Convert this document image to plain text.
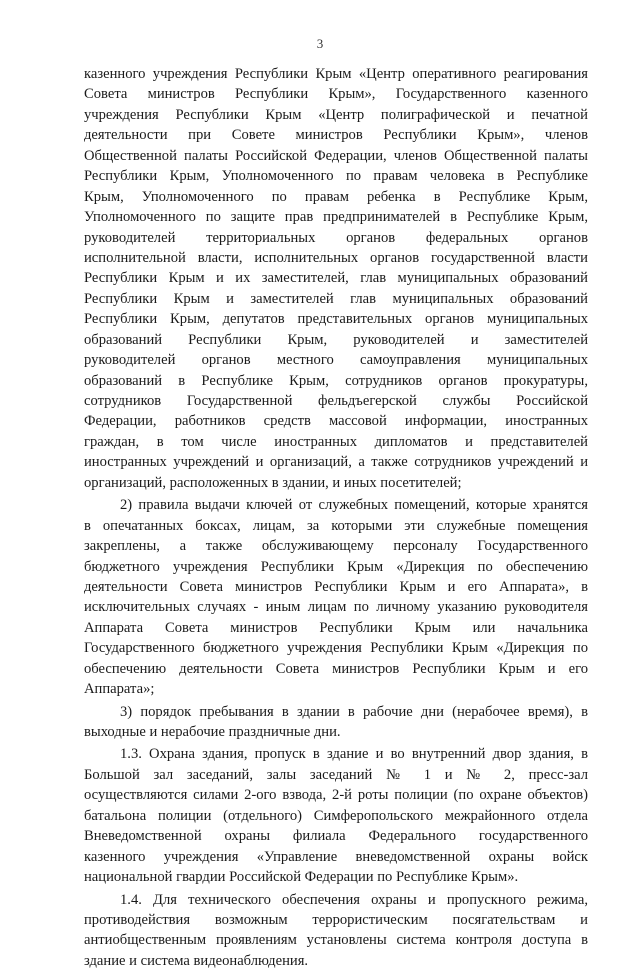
3
казенного учреждения Республики Крым «Центр оперативного реагирования
Совета министров Республики Крым», Государственного казенного
учреждения Республики Крым «Центр полиграфической и печатной
деятельности при Совете министров Республики Крым», членов
Общественной палаты Российской Федерации, членов Общественной палаты
Республики Крым, Уполномоченного по правам человека в Республике
Крым, Уполномоченного по правам ребенка в Республике Крым,
Уполномоченного по защите прав предпринимателей в Республике Крым,
руководителей территориальных органов федеральных органов
исполнительной власти, исполнительных органов государственной власти
Республики Крым и их заместителей, глав муниципальных образований
Республики Крым и заместителей глав муниципальных образований
Республики Крым, депутатов представительных органов муниципальных
образований Республики Крым, руководителей и заместителей
руководителей органов местного самоуправления муниципальных
образований в Республике Крым, сотрудников органов прокуратуры,
сотрудников Государственной фельдъегерской службы Российской
Федерации, работников средств массовой информации, иностранных
граждан, в том числе иностранных дипломатов и представителей
иностранных учреждений и организаций, а также сотрудников учреждений и
организаций, расположенных в здании, и иных посетителей;
2) правила выдачи ключей от служебных помещений, которые хранятся
в опечатанных боксах, лицам, за которыми эти служебные помещения
закреплены, а также обслуживающему персоналу Государственного
бюджетного учреждения Республики Крым «Дирекция по обеспечению
деятельности Совета министров Республики Крым и его Аппарата», в
исключительных случаях - иным лицам по личному указанию руководителя
Аппарата Совета министров Республики Крым или начальника
Государственного бюджетного учреждения Республики Крым «Дирекция по
обеспечению деятельности Совета министров Республики Крым и его
Аппарата»;
3) порядок пребывания в здании в рабочие дни (нерабочее время), в
выходные и нерабочие праздничные дни.
1.3. Охрана здания, пропуск в здание и во внутренний двор здания, в
Большой зал заседаний, залы заседаний № 1 и № 2, пресс-зал
осуществляются силами 2-ого взвода, 2-й роты полиции (по охране объектов)
батальона полиции (отдельного) Симферопольского межрайонного отдела
Вневедомственной охраны филиала Федерального государственного
казенного учреждения «Управление вневедомственной охраны войск
национальной гвардии Российской Федерации по Республике Крым».
1.4. Для технического обеспечения охраны и пропускного режима,
противодействия возможным террористическим посягательствам и
антиобщественным проявлениям установлены система контроля доступа в
здание и система видеонаблюдения.
